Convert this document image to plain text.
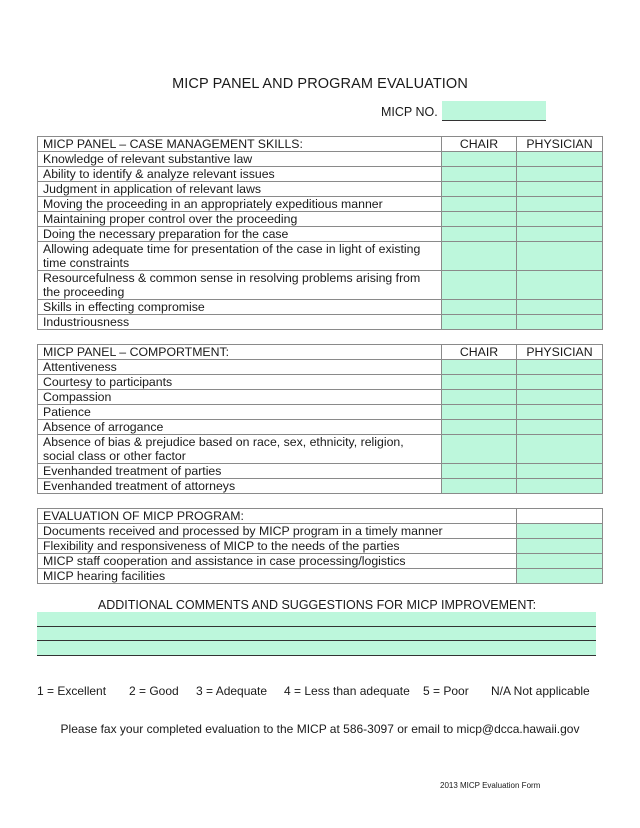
MICP PANEL AND PROGRAM EVALUATION
MICP NO.
MICP PANEL – CASE MANAGEMENT SKILLS:	CHAIR	PHYSICIAN
Knowledge of relevant substantive law		
Ability to identify & analyze relevant issues		
Judgment in application of relevant laws		
Moving the proceeding in an appropriately expeditious manner		
Maintaining proper control over the proceeding		
Doing the necessary preparation for the case		
Allowing adequate time for presentation of the case in light of existing time constraints		
Resourcefulness & common sense in resolving problems arising from the proceeding		
Skills in effecting compromise		
Industriousness		
MICP PANEL – COMPORTMENT:	CHAIR	PHYSICIAN
Attentiveness		
Courtesy to participants		
Compassion		
Patience		
Absence of arrogance		
Absence of bias & prejudice based on race, sex, ethnicity, religion, social class or other factor		
Evenhanded treatment of parties		
Evenhanded treatment of attorneys		
EVALUATION OF MICP PROGRAM:	
Documents received and processed by MICP program in a timely manner	
Flexibility and responsiveness of MICP to the needs of the parties	
MICP staff cooperation and assistance in case processing/logistics	
MICP hearing facilities	
ADDITIONAL COMMENTS AND SUGGESTIONS FOR MICP IMPROVEMENT:
1 = Excellent	2 = Good	3 = Adequate	4 = Less than adequate	5 = Poor	N/A Not applicable
Please fax your completed evaluation to the MICP at 586-3097 or email to micp@dcca.hawaii.gov
2013 MICP Evaluation Form
